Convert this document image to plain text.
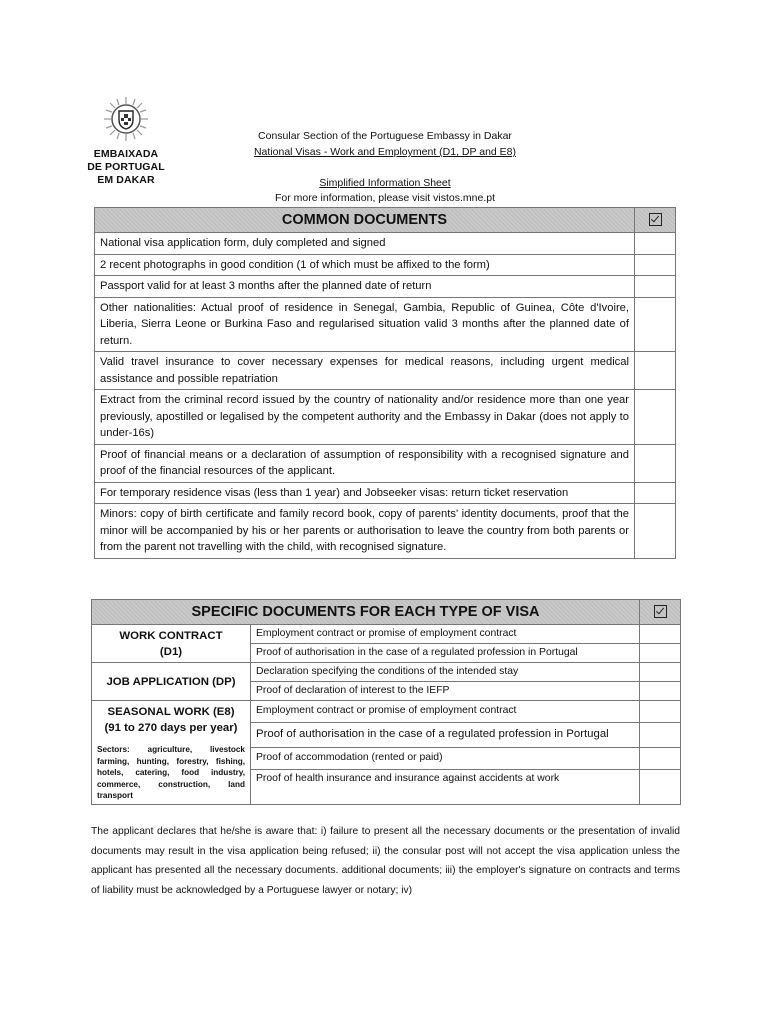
EMBAIXADA
DE PORTUGAL
EM DAKAR
Consular Section of the Portuguese Embassy in Dakar
National Visas - Work and Employment (D1, DP and E8)
Simplified Information Sheet
For more information, please visit vistos.mne.pt
COMMON DOCUMENTS	
National visa application form, duly completed and signed	
2 recent photographs in good condition (1 of which must be affixed to the form)	
Passport valid for at least 3 months after the planned date of return	
Other nationalities: Actual proof of residence in Senegal, Gambia, Republic of Guinea, Côte d'Ivoire, Liberia, Sierra Leone or Burkina Faso and regularised situation valid 3 months after the planned date of return.	
Valid travel insurance to cover necessary expenses for medical reasons, including urgent medical assistance and possible repatriation	
Extract from the criminal record issued by the country of nationality and/or residence more than one year previously, apostilled or legalised by the competent authority and the Embassy in Dakar (does not apply to under-16s)	
Proof of financial means or a declaration of assumption of responsibility with a recognised signature and proof of the financial resources of the applicant.	
For temporary residence visas (less than 1 year) and Jobseeker visas: return ticket reservation	
Minors: copy of birth certificate and family record book, copy of parents' identity documents, proof that the minor will be accompanied by his or her parents or authorisation to leave the country from both parents or from the parent not travelling with the child, with recognised signature.	
SPECIFIC DOCUMENTS FOR EACH TYPE OF VISA		

WORK CONTRACT
(D1)	Employment contract or promise of employment contract	
	Proof of authorisation in the case of a regulated profession in Portugal	
JOB APPLICATION (DP)	Declaration specifying the conditions of the intended stay	
	Proof of declaration of interest to the IEFP	

SEASONAL WORK (E8)
(91 to 270 days per year)
Sectors: agriculture, livestock farming, hunting, forestry, fishing, hotels, catering, food industry, commerce, construction, land transport	Employment contract or promise of employment contract	
	Proof of authorisation in the case of a regulated profession in Portugal	
	Proof of accommodation (rented or paid)	
	Proof of health insurance and insurance against accidents at work	
The applicant declares that he/she is aware that: i) failure to present all the necessary documents or the presentation of invalid documents may result in the visa application being refused; ii) the consular post will not accept the visa application unless the applicant has presented all the necessary documents. additional documents; iii) the employer's signature on contracts and terms of liability must be acknowledged by a Portuguese lawyer or notary; iv)
